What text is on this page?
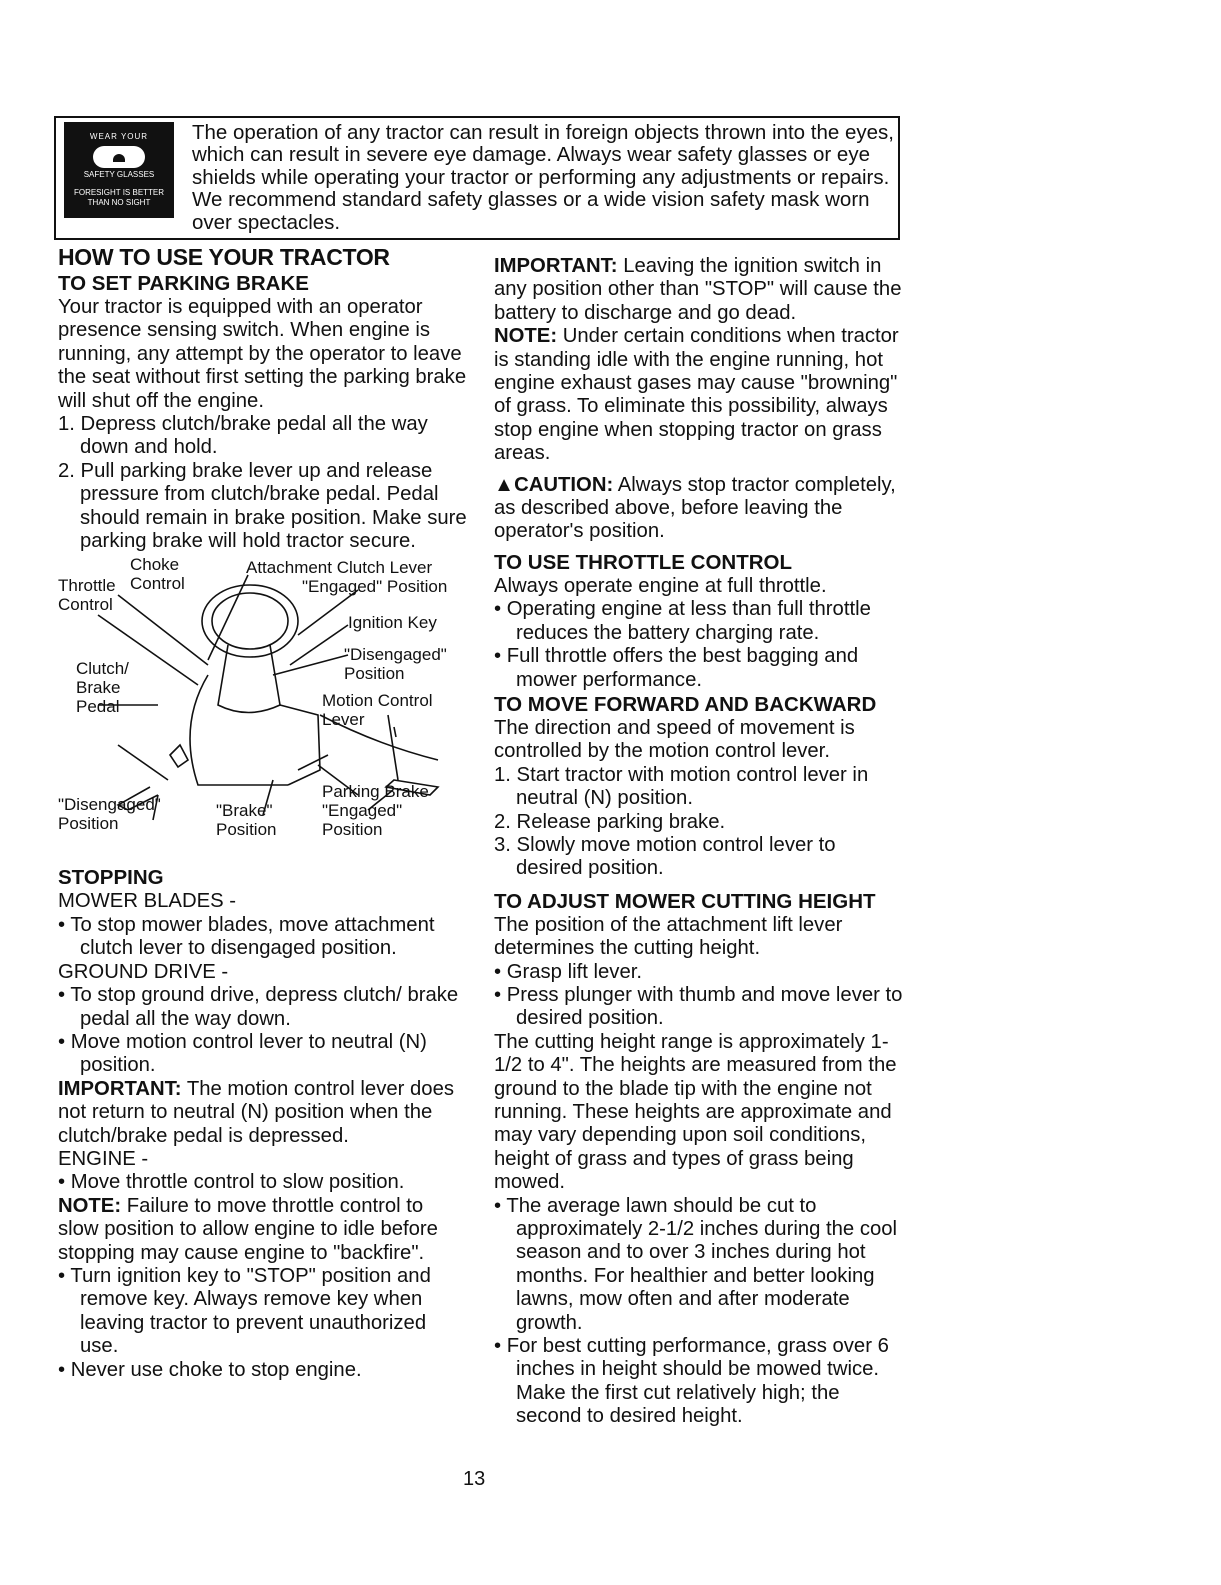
WEAR YOUR
SAFETY GLASSES
FORESIGHT IS BETTER
THAN NO SIGHT
The operation of any tractor can result in foreign objects thrown into the eyes, which can result in severe eye damage. Always wear safety glasses or eye shields while operating your tractor or performing any adjustments or repairs. We recommend standard safety glasses or a wide vision safety mask worn over spectacles.

HOW TO USE YOUR TRACTOR

TO SET PARKING BRAKE

Your tractor is equipped with an operator presence sensing switch. When engine is running, any attempt by the operator to leave the seat without first setting the parking brake will shut off the engine.

1. Depress clutch/brake pedal all the way down and hold.

2. Pull parking brake lever up and release pressure from clutch/brake pedal. Pedal should remain in brake position. Make sure parking brake will hold tractor secure.

Choke
Control
Throttle
Control
Attachment Clutch Lever
"Engaged" Position
Ignition Key
"Disengaged"
Position
Clutch/
Brake
Pedal	Motion Control
Lever
Parking Brake
"Disengaged"
Position
"Brake"
Position
"Engaged"
Position

STOPPING

MOWER BLADES -

• To stop mower blades, move attachment clutch lever to disengaged position.

GROUND DRIVE -

• To stop ground drive, depress clutch/ brake pedal all the way down.

• Move motion control lever to neutral (N) position.

IMPORTANT: The motion control lever does not return to neutral (N) position when the clutch/brake pedal is depressed.

ENGINE -

• Move throttle control to slow position.

NOTE: Failure to move throttle control to slow position to allow engine to idle before stopping may cause engine to "backfire".

• Turn ignition key to "STOP" position and remove key. Always remove key when leaving tractor to prevent unauthorized use.

• Never use choke to stop engine.

IMPORTANT: Leaving the ignition switch in any position other than "STOP" will cause the battery to discharge and go dead.

NOTE: Under certain conditions when tractor is standing idle with the engine running, hot engine exhaust gases may cause "browning" of grass. To eliminate this possibility, always stop engine when stopping tractor on grass areas.

▲CAUTION: Always stop tractor completely, as described above, before leaving the operator's position.

TO USE THROTTLE CONTROL

Always operate engine at full throttle.

• Operating engine at less than full throttle reduces the battery charging rate.

• Full throttle offers the best bagging and mower performance.

TO MOVE FORWARD AND BACKWARD

The direction and speed of movement is controlled by the motion control lever.

1. Start tractor with motion control lever in neutral (N) position.

2. Release parking brake.

3. Slowly move motion control lever to desired position.

TO ADJUST MOWER CUTTING HEIGHT

The position of the attachment lift lever determines the cutting height.

• Grasp lift lever.

• Press plunger with thumb and move lever to desired position.

The cutting height range is approximately 1-1/2 to 4". The heights are measured from the ground to the blade tip with the engine not running. These heights are approximate and may vary depending upon soil conditions, height of grass and types of grass being mowed.

• The average lawn should be cut to approximately 2-1/2 inches during the cool season and to over 3 inches during hot months. For healthier and better looking lawns, mow often and after moderate growth.

• For best cutting performance, grass over 6 inches in height should be mowed twice. Make the first cut relatively high; the second to desired height.

13
